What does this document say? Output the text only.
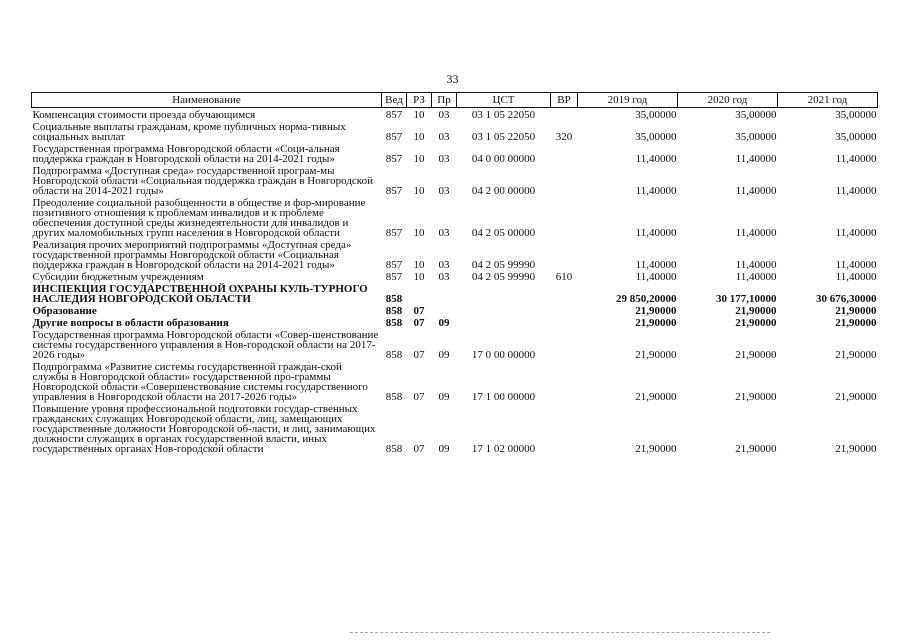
33
Наименование	Вед	РЗ	Пр	ЦСТ	ВР	2019 год	2020 год	2021 год
Компенсация стоимости проезда обучающимся	857	10	03	03 1 05 22050		35,00000	35,00000	35,00000
Социальные выплаты гражданам, кроме публичных норма-тивных социальных выплат	857	10	03	03 1 05 22050	320	35,00000	35,00000	35,00000
Государственная программа Новгородской области «Соци-альная поддержка граждан в Новгородской области на 2014-2021 годы»	857	10	03	04 0 00 00000		11,40000	11,40000	11,40000
Подпрограмма «Доступная среда» государственной програм-мы Новгородской области «Социальная поддержка граждан в Новгородской области на 2014-2021 годы»	857	10	03	04 2 00 00000		11,40000	11,40000	11,40000
Преодоление социальной разобщенности в обществе и фор-мирование позитивного отношения к проблемам инвалидов и к проблеме обеспечения доступной среды жизнедеятельности для инвалидов и других маломобильных групп населения в Новгородской области	857	10	03	04 2 05 00000		11,40000	11,40000	11,40000
Реализация прочих мероприятий подпрограммы «Доступная среда» государственной программы Новгородской области «Социальная поддержка граждан в Новгородской области на 2014-2021 годы»	857	10	03	04 2 05 99990		11,40000	11,40000	11,40000
Субсидии бюджетным учреждениям	857	10	03	04 2 05 99990	610	11,40000	11,40000	11,40000
ИНСПЕКЦИЯ ГОСУДАРСТВЕННОЙ ОХРАНЫ КУЛЬ-ТУРНОГО НАСЛЕДИЯ НОВГОРОДСКОЙ ОБЛАСТИ	858					29 850,20000	30 177,10000	30 676,30000
Образование	858	07				21,90000	21,90000	21,90000
Другие вопросы в области образования	858	07	09			21,90000	21,90000	21,90000
Государственная программа Новгородской области «Совер-шенствование системы государственного управления в Нов-городской области на 2017-2026 годы»	858	07	09	17 0 00 00000		21,90000	21,90000	21,90000
Подпрограмма «Развитие системы государственной граждан-ской службы в Новгородской области» государственной про-граммы Новгородской области «Совершенствование системы государственного управления в Новгородской области на 2017-2026 годы»	858	07	09	17 1 00 00000		21,90000	21,90000	21,90000
Повышение уровня профессиональной подготовки государ-ственных гражданских служащих Новгородской области, лиц, замещающих государственные должности Новгородской об-ласти, и лиц, занимающих должности служащих в органах государственной власти, иных государственных органах Нов-городской области	858	07	09	17 1 02 00000		21,90000	21,90000	21,90000
